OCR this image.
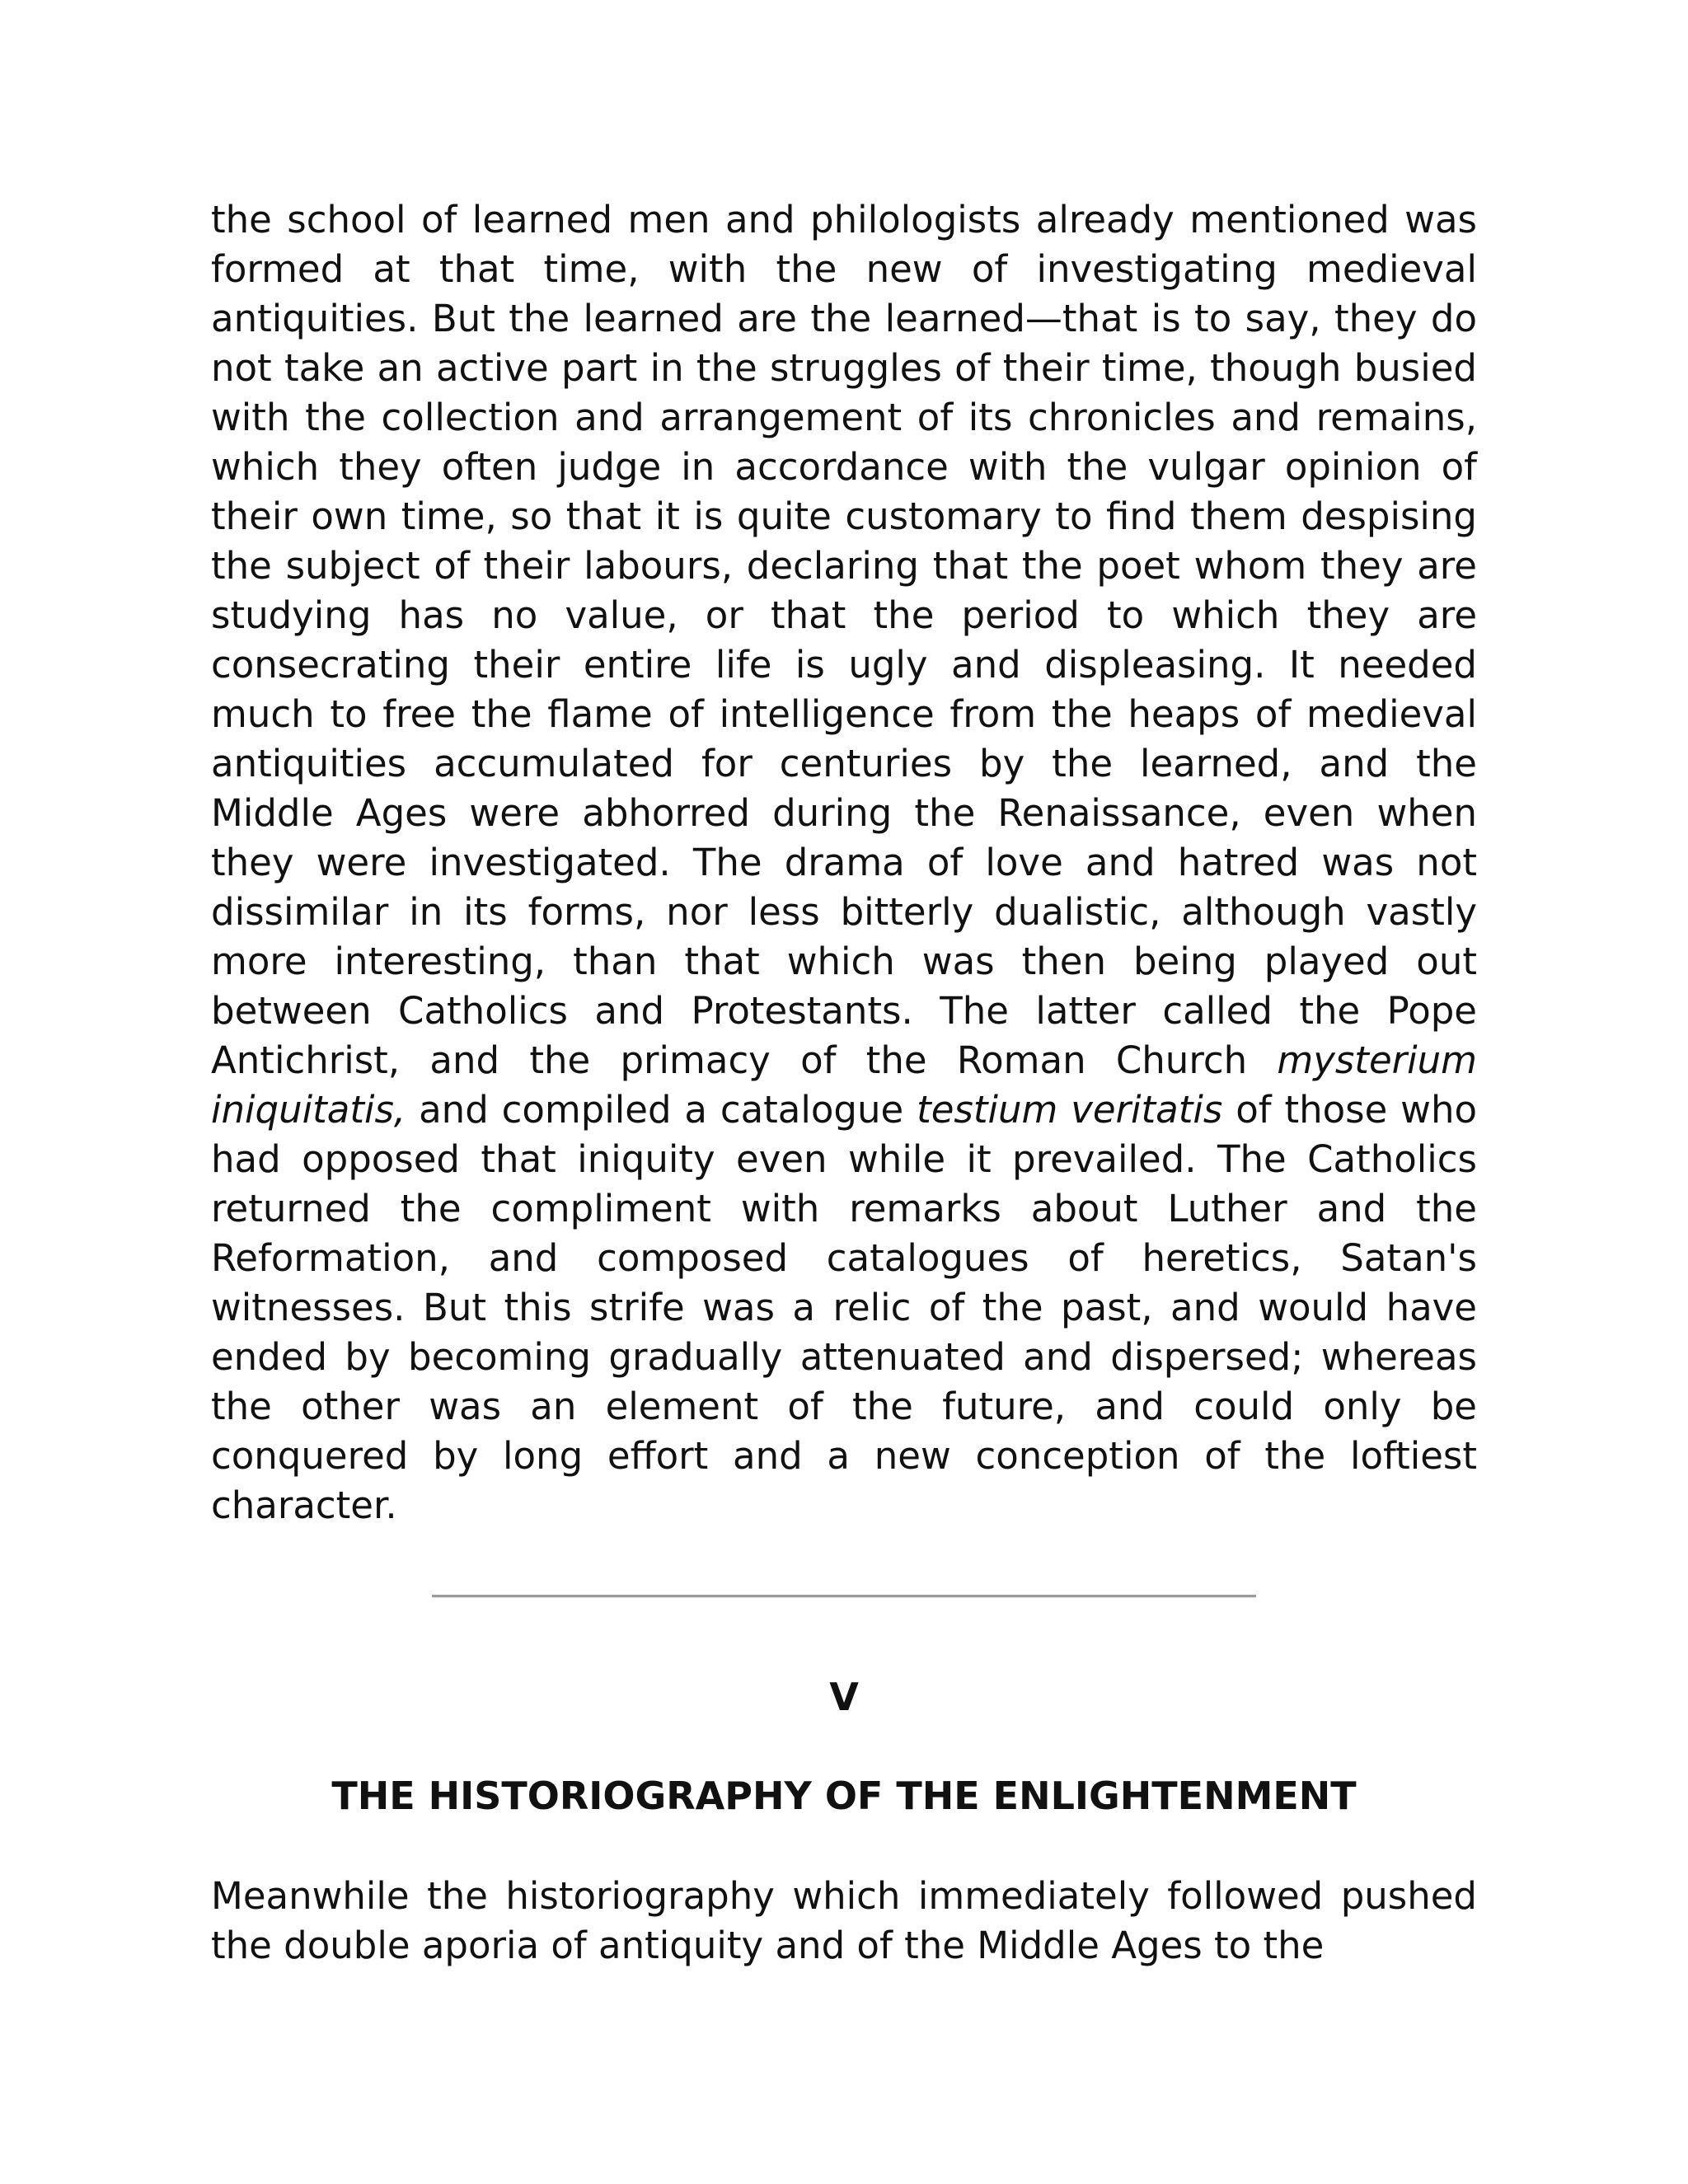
the school of learned men and philologists already mentioned was formed at that time, with the new of investigating medieval antiquities. But the learned are the learned—that is to say, they do not take an active part in the struggles of their time, though busied with the collection and arrangement of its chronicles and remains, which they often judge in accordance with the vulgar opinion of their own time, so that it is quite customary to find them despising the subject of their labours, declaring that the poet whom they are studying has no value, or that the period to which they are consecrating their entire life is ugly and displeasing. It needed much to free the flame of intelligence from the heaps of medieval antiquities accumulated for centuries by the learned, and the Middle Ages were abhorred during the Renaissance, even when they were investigated. The drama of love and hatred was not dissimilar in its forms, nor less bitterly dualistic, although vastly more interesting, than that which was then being played out between Catholics and Protestants. The latter called the Pope Antichrist, and the primacy of the Roman Church mysterium iniquitatis, and compiled a catalogue testium veritatis of those who had opposed that iniquity even while it prevailed. The Catholics returned the compliment with remarks about Luther and the Reformation, and composed catalogues of heretics, Satan's witnesses. But this strife was a relic of the past, and would have ended by becoming gradually attenuated and dispersed; whereas the other was an element of the future, and could only be conquered by long effort and a new conception of the loftiest character.

V
THE HISTORIOGRAPHY OF THE ENLIGHTENMENT

Meanwhile the historiography which immediately followed pushed the double aporia of antiquity and of the Middle Ages to the
